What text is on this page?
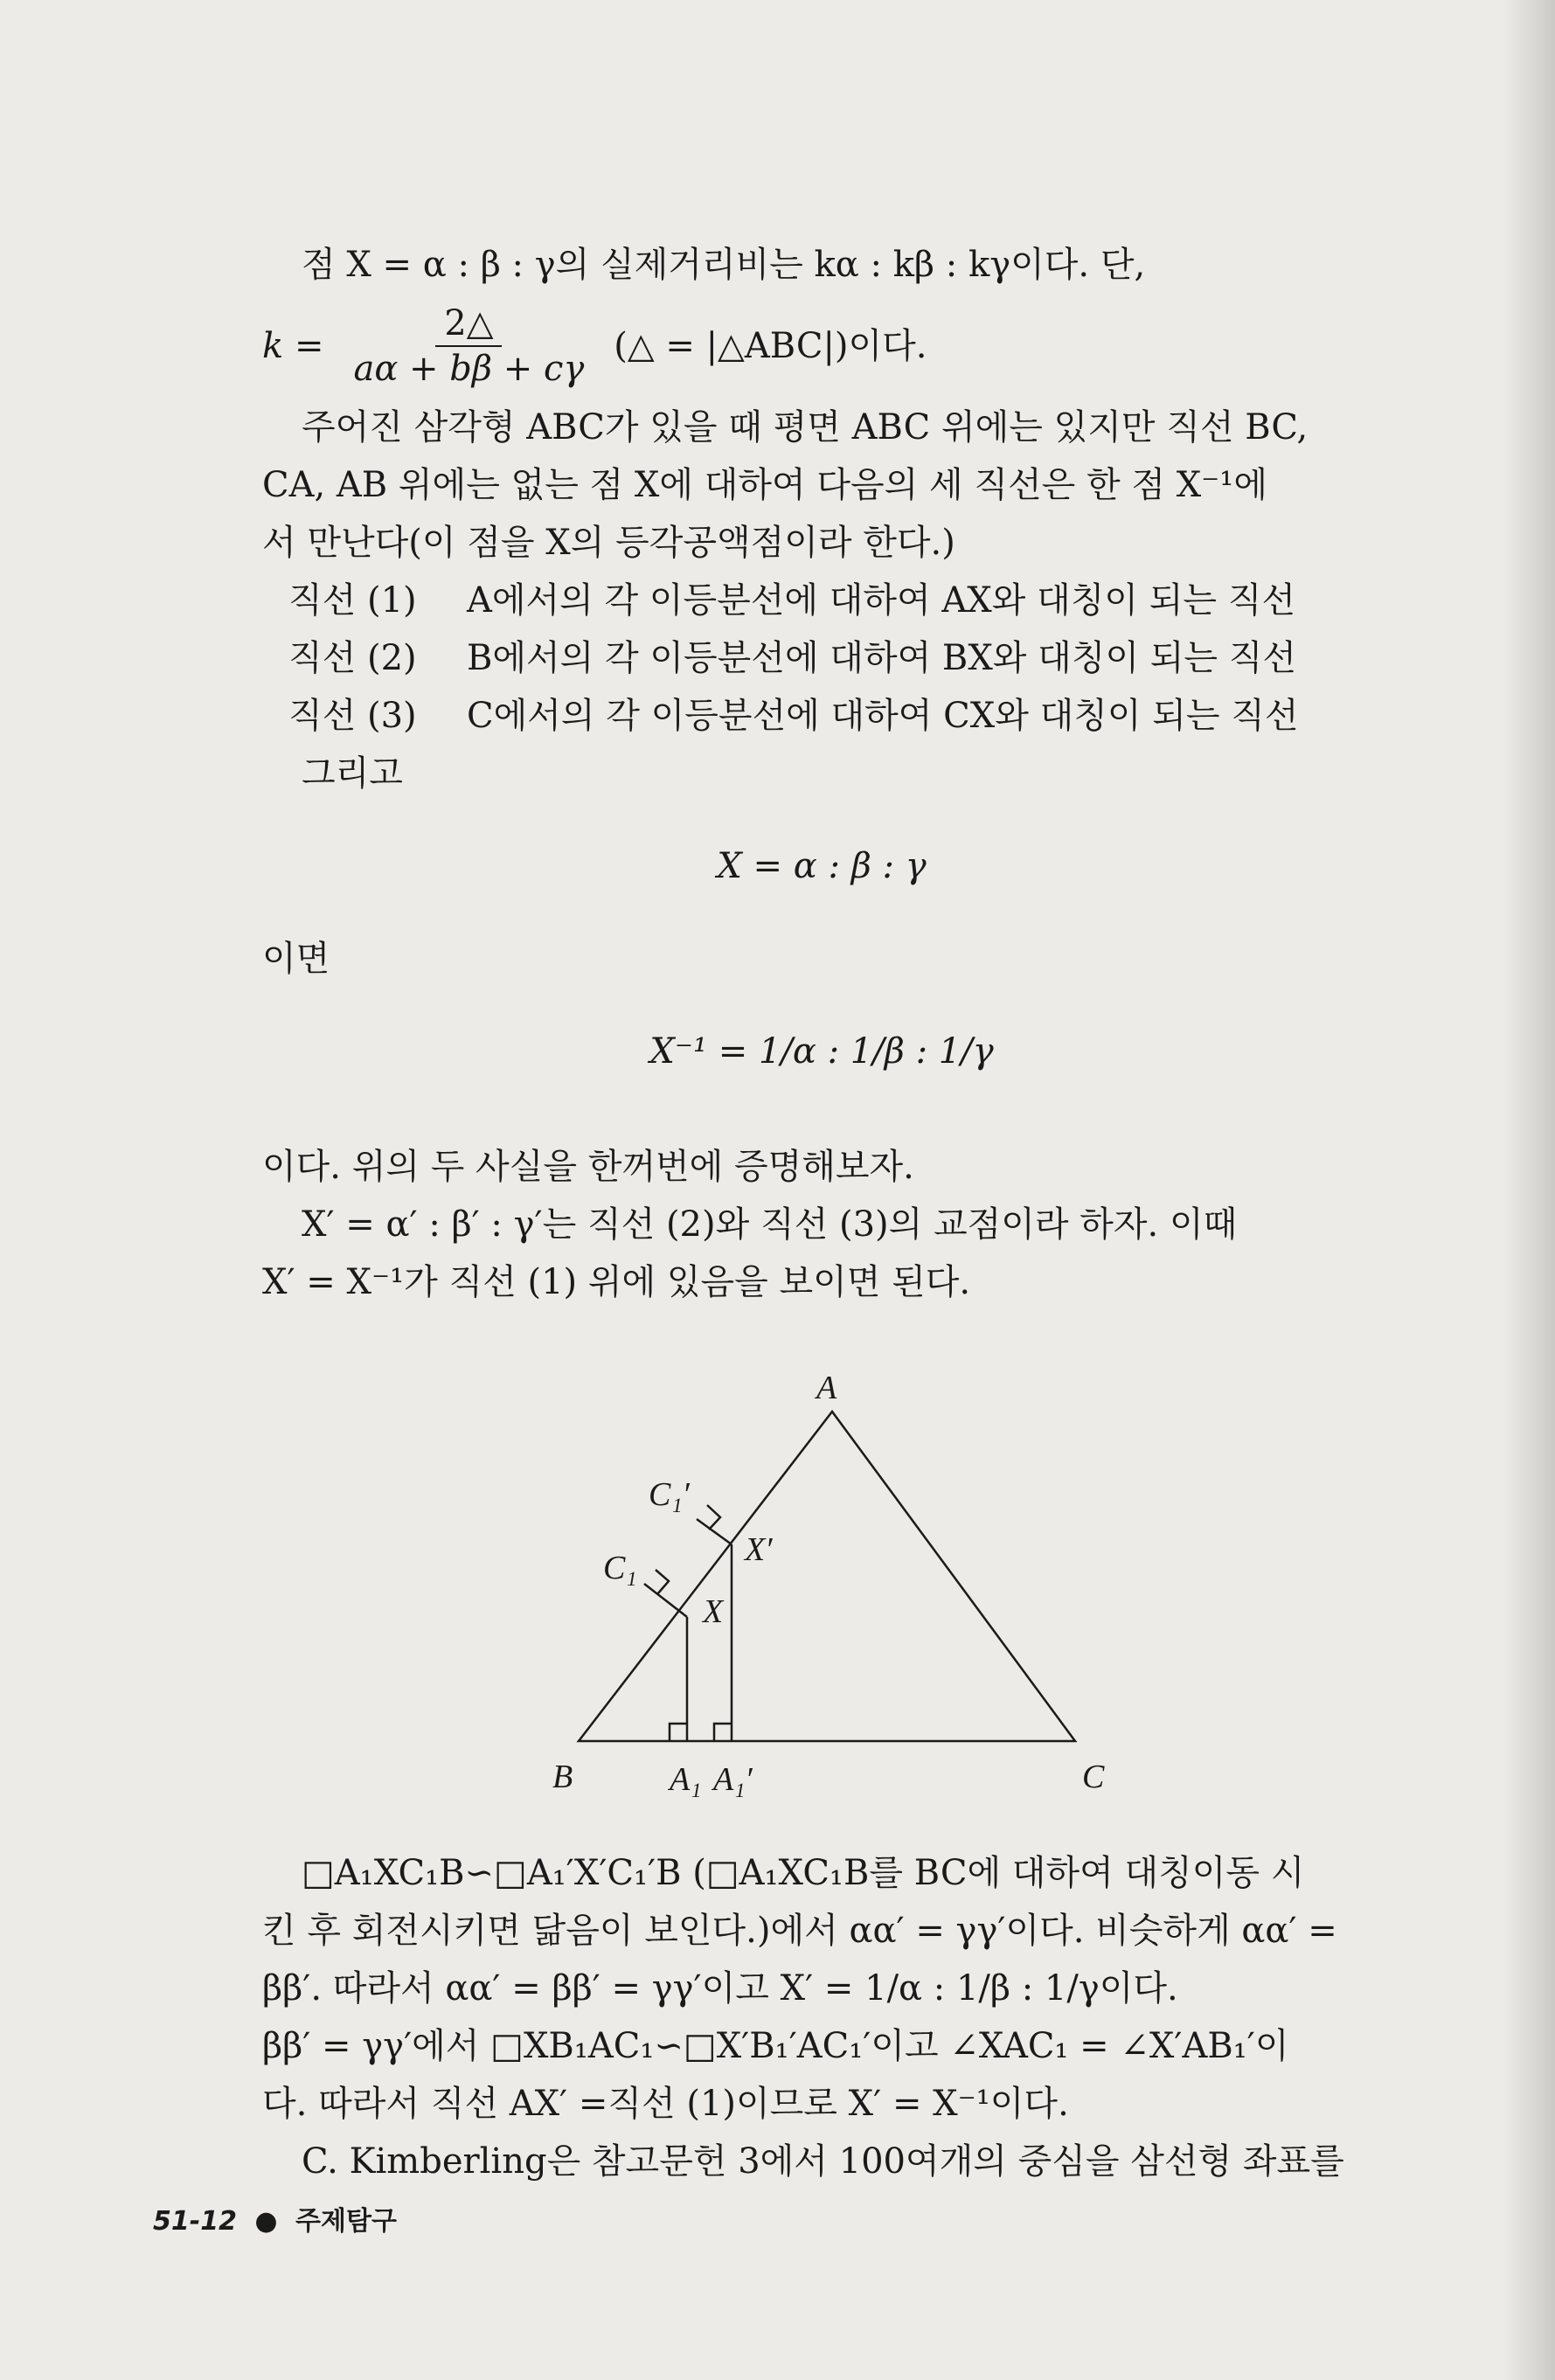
점 X = α : β : γ의 실제거리비는 kα : kβ : kγ이다. 단,
$k = \frac{2\triangle}{a\alpha + b\beta + c\gamma}$ (△ = |△ABC|)이다.
주어진 삼각형 ABC가 있을 때 평면 ABC 위에는 있지만 직선 BC,
CA, AB 위에는 없는 점 X에 대하여 다음의 세 직선은 한 점 X⁻¹에
서 만난다(이 점을 X의 등각공액점이라 한다.)
직선 (1)	A에서의 각 이등분선에 대하여 AX와 대칭이 되는 직선
직선 (2)	B에서의 각 이등분선에 대하여 BX와 대칭이 되는 직선
직선 (3)	C에서의 각 이등분선에 대하여 CX와 대칭이 되는 직선
그리고
X = α : β : γ
이면
X⁻¹ = 1/α : 1/β : 1/γ
이다. 위의 두 사실을 한꺼번에 증명해보자.
X′ = α′ : β′ : γ′는 직선 (2)와 직선 (3)의 교점이라 하자. 이때
X′ = X⁻¹가 직선 (1) 위에 있음을 보이면 된다.
A
B	C
X
X′
A₁ A₁′
C₁
C₁′
□A₁XC₁B∽□A₁′X′C₁′B (□A₁XC₁B를 BC에 대하여 대칭이동 시
킨 후 회전시키면 닮음이 보인다.)에서 αα′ = γγ′이다. 비슷하게 αα′ =
ββ′. 따라서 αα′ = ββ′ = γγ′이고 X′ = 1/α : 1/β : 1/γ이다.
ββ′ = γγ′에서 □XB₁AC₁∽□X′B₁′AC₁′이고 ∠XAC₁ = ∠X′AB₁′이
다. 따라서 직선 AX′ =직선 (1)이므로 X′ = X⁻¹이다.
C. Kimberling은 참고문헌 3에서 100여개의 중심을 삼선형 좌표를
51-12 ● 주제탐구
